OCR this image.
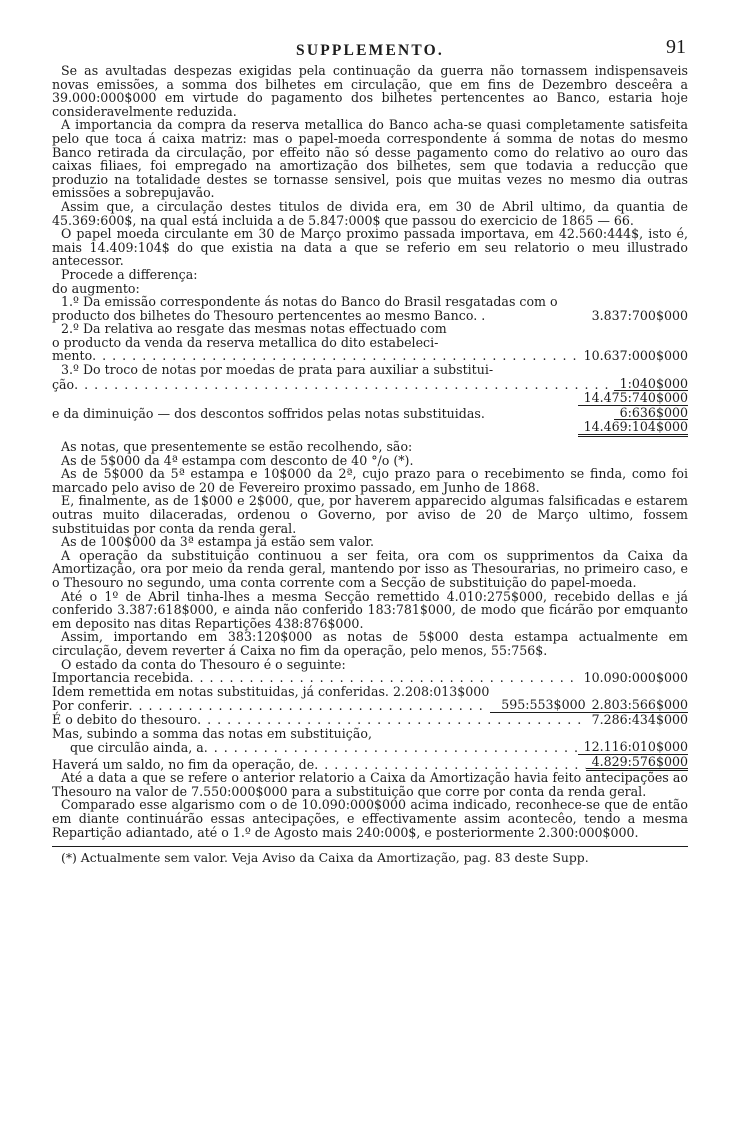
SUPPLEMENTO.	91

Se as avultadas despezas exigidas pela continuação da guerra não tornassem indispensaveis novas emissões, a somma dos bilhetes em circulação, que em fins de Dezembro desceêra a 39.000:000$000 em virtude do pagamento dos bilhetes pertencentes ao Banco, estaria hoje consideravelmente reduzida.

A importancia da compra da reserva metallica do Banco acha-se quasi completamente satisfeita pelo que toca á caixa matriz: mas o papel-moeda correspondente á somma de notas do mesmo Banco retirada da circulação, por effeito não só desse pagamento como do relativo ao ouro das caixas filiaes, foi empregado na amortização dos bilhetes, sem que todavia a reducção que produzio na totalidade destes se tornasse sensivel, pois que muitas vezes no mesmo dia outras emissões a sobrepujavão.

Assim que, a circulação destes titulos de divida era, em 30 de Abril ultimo, da quantia de 45.369:600$, na qual está incluida a de 5.847:000$ que passou do exercicio de 1865 — 66.

O papel moeda circulante em 30 de Março proximo passada importava, em 42.560:444$, isto é, mais 14.409:104$ do que existia na data a que se referio em seu relatorio o meu illustrado antecessor.

Procede a differença:

do augmento:

1.º Da emissão correspondente ás notas do Banco do Brasil resgatadas com o

producto dos bilhetes do Thesouro pertencentes ao mesmo Banco. .	3.837:700$000

2.º Da relativa ao resgate das mesmas notas effectuado com

o producto da venda da reserva metallica do dito estabeleci-

mento . . .	10.637:000$000

3.º Do troco de notas por moedas de prata para auxiliar a substitui-

ção . . .	1:040$000
14.475:740$000
e da diminuição — dos descontos soffridos pelas notas substituidas.	6:636$000
14.469:104$000

As notas, que presentemente se estão recolhendo, são:

As de 5$000 da 4ª estampa com desconto de 40 °/o (*).

As de 5$000 da 5ª estampa e 10$000 da 2ª, cujo prazo para o recebimento se finda, como foi marcado pelo aviso de 20 de Fevereiro proximo passado, em Junho de 1868.

E, finalmente, as de 1$000 e 2$000, que, por haverem apparecido algumas falsificadas e estarem outras muito dilaceradas, ordenou o Governo, por aviso de 20 de Março ultimo, fossem substituidas por conta da renda geral.

As de 100$000 da 3ª estampa já estão sem valor.

A operação da substituição continuou a ser feita, ora com os supprimentos da Caixa da Amortização, ora por meio da renda geral, mantendo por isso as Thesourarias, no primeiro caso, e o Thesouro no segundo, uma conta corrente com a Secção de substituição do papel-moeda.

Até o 1º de Abril tinha-lhes a mesma Secção remettido 4.010:275$000, recebido dellas e já conferido 3.387:618$000, e ainda não conferido 183:781$000, de modo que ficárão por emquanto em deposito nas ditas Repartições 438:876$000.

Assim, importando em 383:120$000 as notas de 5$000 desta estampa actualmente em circulação, devem reverter á Caixa no fim da operação, pelo menos, 55:756$.

O estado da conta do Thesouro é o seguinte:

Importancia recebida . . .	10.090:000$000
Idem remettida em notas substituidas, já conferidas. 2.208:013$000
Por conferir . . .	595:553$000 2.803:566$000
É o debito do thesouro . . .	7.286:434$000

Mas, subindo a somma das notas em substituição,

que circulão ainda, a . . .	12.116:010$000
Haverá um saldo, no fim da operação, de . . .	4.829:576$000

Até a data a que se refere o anterior relatorio a Caixa da Amortização havia feito antecipações ao Thesouro na valor de 7.550:000$000 para a substituição que corre por conta da renda geral.

Comparado esse algarismo com o de 10.090:000$000 acima indicado, reconhece-se que de então em diante continuárão essas antecipações, e effectivamente assim acontecêo, tendo a mesma Repartição adiantado, até o 1.º de Agosto mais 240:000$, e posteriormente 2.300:000$000.

(*) Actualmente sem valor. Veja Aviso da Caixa da Amortização, pag. 83 deste Supp.
